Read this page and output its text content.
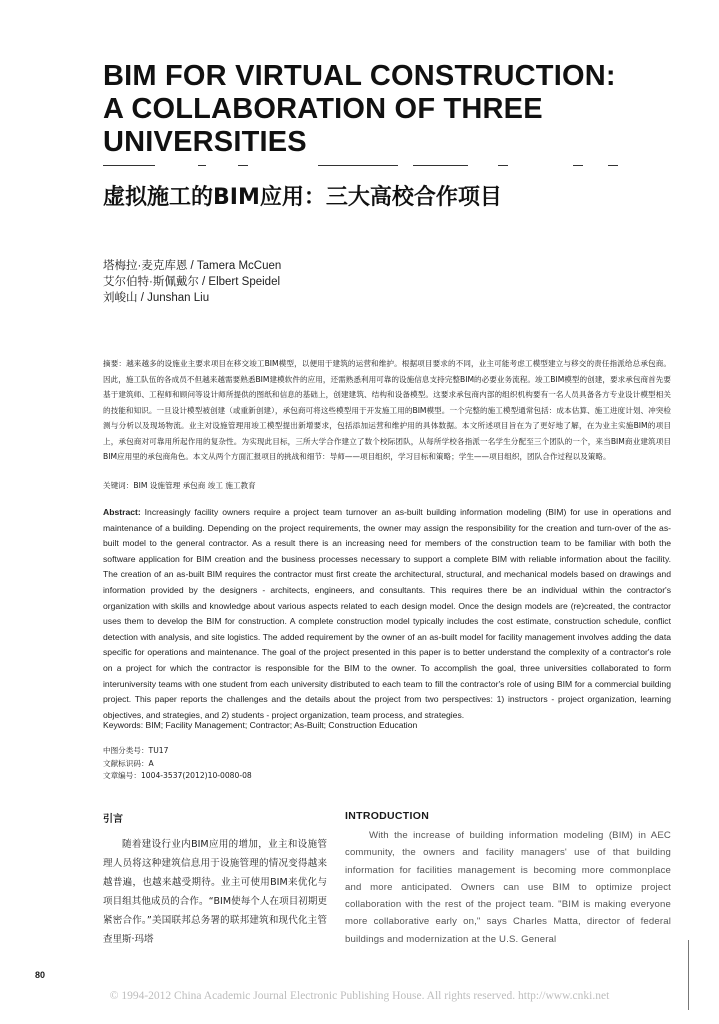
BIM FOR VIRTUAL CONSTRUCTION:
A COLLABORATION OF THREE
UNIVERSITIES
虚拟施工的BIM应用：三大高校合作项目
塔梅拉·麦克库恩 / Tamera McCuen
艾尔伯特·斯佩戴尔 / Elbert Speidel
刘峻山 / Junshan Liu
摘要：越来越多的设施业主要求项目在移交竣工BIM模型，以便用于建筑的运营和维护。根据项目要求的不同，业主可能考虑工模型建立与移交的责任指派给总承包商。因此，施工队伍的各成员不但越来越需要熟悉BIM建模软件的应用，还需熟悉利用可靠的设施信息支持完整BIM的必要业务流程。竣工BIM模型的创建，要求承包商首先要基于建筑师、工程师和顾问等设计师所提供的图纸和信息的基础上，创建建筑、结构和设备模型。这要求承包商内部的组织机构要有一名人员具备各方专业设计模型相关的技能和知识。一旦设计模型被创建（或重新创建），承包商可将这些模型用于开发施工用的BIM模型。一个完整的施工模型通常包括：成本估算、施工进度计划、冲突检测与分析以及现场物流。业主对设施管理用竣工模型提出新增要求，包括添加运营和维护用的具体数据。本文所述项目旨在为了更好地了解，在为业主实施BIM的项目上，承包商对可靠用所起作用的复杂性。为实现此目标，三所大学合作建立了数个校际团队，从每所学校各指派一名学生分配至三个团队的一个，来当BIM商业建筑项目BIM应用里的承包商角色。本文从两个方面汇报项目的挑战和细节：导师——项目组织，学习目标和策略；学生——项目组织，团队合作过程以及策略。
关键词：BIM 设施管理 承包商 竣工 施工教育
Abstract: Increasingly facility owners require a project team turnover an as-built building information modeling (BIM) for use in operations and maintenance of a building. Depending on the project requirements, the owner may assign the responsibility for the creation and turn-over of the as-built model to the general contractor. As a result there is an increasing need for members of the construction team to be familiar with both the software application for BIM creation and the business processes necessary to support a complete BIM with reliable information about the facility. The creation of an as-built BIM requires the contractor must first create the architectural, structural, and mechanical models based on drawings and information provided by the designers - architects, engineers, and consultants. This requires there be an individual within the contractor's organization with skills and knowledge about various aspects related to each design model. Once the design models are (re)created, the contractor uses them to develop the BIM for construction. A complete construction model typically includes the cost estimate, construction schedule, conflict detection with analysis, and site logistics. The added requirement by the owner of an as-built model for facility management involves adding the data specific for operations and maintenance. The goal of the project presented in this paper is to better understand the complexity of a contractor's role on a project for which the contractor is responsible for the BIM to the owner. To accomplish the goal, three universities collaborated to form interuniversity teams with one student from each university distributed to each team to fill the contractor's role of using BIM for a commercial building project. This paper reports the challenges and the details about the project from two perspectives: 1) instructors - project organization, learning objectives, and strategies, and 2) students - project organization, team process, and strategies.
Keywords: BIM; Facility Management; Contractor; As-Built; Construction Education
中图分类号：TU17
文献标识码：A
文章编号：1004-3537(2012)10-0080-08
引言
随着建设行业内BIM应用的增加，业主和设施管理人员将这种建筑信息用于设施管理的情况变得越来越普遍，也越来越受期待。业主可使用BIM来优化与项目组其他成员的合作。“BIM使每个人在项目初期更紧密合作。”美国联邦总务署的联邦建筑和现代化主管查里斯·玛塔
INTRODUCTION
With the increase of building information modeling (BIM) in AEC community, the owners and facility managers' use of that building information for facilities management is becoming more commonplace and more anticipated. Owners can use BIM to optimize project collaboration with the rest of the project team. "BIM is making everyone more collaborative early on," says Charles Matta, director of federal buildings and modernization at the U.S. General
80
© 1994-2012 China Academic Journal Electronic Publishing House. All rights reserved. http://www.cnki.net
